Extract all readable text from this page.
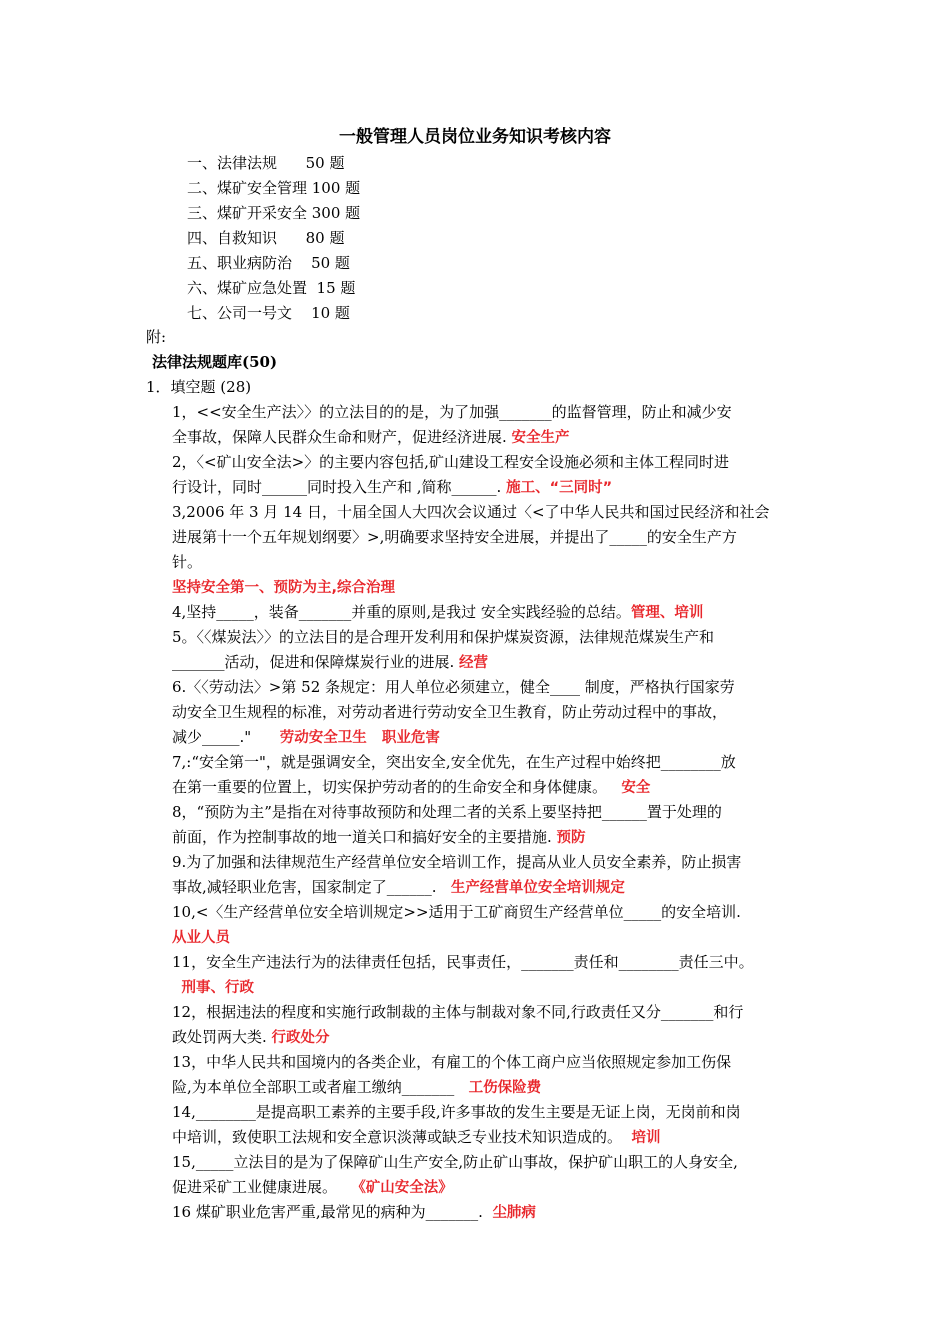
一般管理人员岗位业务知识考核内容
一、法律法规      50 题
二、煤矿安全管理 100 题
三、煤矿开采安全 300 题
四、自救知识      80 题
五、职业病防治    50 题
六、煤矿应急处置  15 题
七、公司一号文    10 题
附:
法律法规题库(50)
1．填空题 (28)
1，<<安全生产法〉〉的立法目的的是，为了加强_______的监督管理，防止和减少安
全事故，保障人民群众生命和财产，促进经济进展. 安全生产
2，〈<矿山安全法>〉的主要内容包括,矿山建设工程安全设施必须和主体工程同时进
行设计，同时______同时投入生产和 ,简称______. 施工、“三同时”
3,2006 年 3 月 14 日，十届全国人大四次会议通过〈<了中华人民共和国过民经济和社会
进展第十一个五年规划纲要〉>,明确要求坚持安全进展，并提出了_____的安全生产方
针。
坚持安全第一、预防为主,综合治理
4,坚持_____，装备_______并重的原则,是我过 安全实践经验的总结。管理、培训
5。〈〈煤炭法〉〉的立法目的是合理开发利用和保护煤炭资源，法律规范煤炭生产和
_______活动，促进和保障煤炭行业的进展. 经营
6.〈〈劳动法〉>第 52 条规定：用人单位必须建立，健全____ 制度，严格执行国家劳
动安全卫生规程的标准，对劳动者进行劳动安全卫生教育，防止劳动过程中的事故，
减少_____."      劳动安全卫生   职业危害
7,:“安全第一"，就是强调安全，突出安全,安全优先，在生产过程中始终把________放
在第一重要的位置上，切实保护劳动者的的生命安全和身体健康。   安全
8，“预防为主”是指在对待事故预防和处理二者的关系上要坚持把______置于处理的
前面，作为控制事故的地一道关口和搞好安全的主要措施. 预防
9.为了加强和法律规范生产经营单位安全培训工作，提高从业人员安全素养，防止损害
事故,减轻职业危害，国家制定了______.   生产经营单位安全培训规定
10,<〈生产经营单位安全培训规定>>适用于工矿商贸生产经营单位_____的安全培训.
从业人员
11，安全生产违法行为的法律责任包括，民事责任，_______责任和________责任三中。
刑事、行政
12，根据违法的程度和实施行政制裁的主体与制裁对象不同,行政责任又分_______和行
政处罚两大类. 行政处分
13，中华人民共和国境内的各类企业，有雇工的个体工商户应当依照规定参加工伤保
险,为本单位全部职工或者雇工缴纳_______   工伤保险费
14,________是提高职工素养的主要手段,许多事故的发生主要是无证上岗，无岗前和岗
中培训，致使职工法规和安全意识淡薄或缺乏专业技术知识造成的。  培训
15,_____立法目的是为了保障矿山生产安全,防止矿山事故，保护矿山职工的人身安全,
促进采矿工业健康进展。   《矿山安全法》
16 煤矿职业危害严重,最常见的病种为_______.  尘肺病
